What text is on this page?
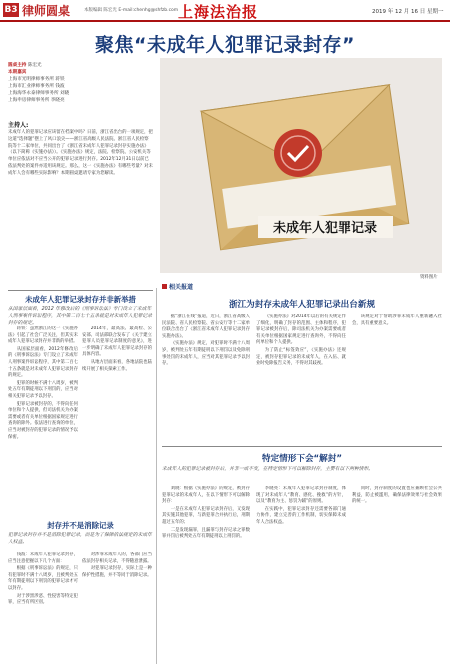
B3 律师圆桌	本版编辑 陈宏光 E-mail:chenhg@shfzb.com 上海法治报	2019 年 12 月 16 日 星期一
聚焦“未成年人犯罪记录封存”
圆桌主持 陈宏光
本期嘉宾
上海市光明律师事务所 蒋铁
上海市汇业律师事务所 钱波
上海海华永泰律师事务所 刘晓
上海申房律师事务所 李晓亮
主持人:
未成年人的犯罪记录应该留在档案中吗？日前，浙江省出台的一项规定，把这道“选择题”摆上了风口浪尖——浙江省高级人民法院、浙江省人民检察院等十二家单位，共同出台了《浙江省未成年人犯罪记录封存实施办法》（以下简称《实施办法》）。《实施办法》规定，法院、检察院、公安机关等单位应依法对不应当公开的犯罪记录进行封存。2012年12月31日以前已依法判处的案件亦适用该规定。那么，这一《实施办法》有哪些考量？对未成年人会有哪些实际影响？本期圆桌邀请专家为您解读。
未成年人犯罪记录
资料图片
未成年人犯罪记录封存并非新举措
从国家层面看，2012 年修改后的《刑事诉讼法》专门设立了未成年人刑事案件诉讼程序，其中第二百七十五条就是对未成年人犯罪记录封存的规定。

蒋铁：虽然浙江的这一《实施办法》引起了社会广泛关注，但其实未成年人犯罪记录封存并非新的举措。

从国家层面看，2012年修改后的《刑事诉讼法》专门设立了未成年人刑事案件诉讼程序，其中第二百七十五条就是对未成年人犯罪记录封存的规定。

犯罪的时候不满十八周岁，被判处五年有期徒刑以下刑罚的，应当对相关犯罪记录予以封存。

犯罪记录被封存的，不得向任何单位和个人提供，但司法机关为办案需要或者有关单位根据国家规定进行查询的除外。依法进行查询的单位，应当对被封存的犯罪记录的情况予以保密。

2014年，最高法、最高检、公安部、司法部联合发布了《关于建立犯罪人员犯罪记录制度的意见》，进一步明确了未成年人犯罪记录封存的具体内容。

从地方层面来看，各地法院也陆续开展了相关探索工作。

封存并不是消除记录
犯罪记录封存并不是消除犯罪记录，而是为了保障依法规定的未成年人权益。

钱波：未成年人犯罪记录封存，应当注意把握以下几个方面：

根据《刑事诉讼法》的规定，只有犯罪时不满十八周岁，且被判处五年有期徒刑以下刑罚的犯罪记录才可以封存。

对于涉黑涉恶、性侵害等特定犯罪，应当有所区别。

对涉罪未成年人的，各部门应当依法封存相关记录，不得随意泄露。

对犯罪记录封存，实际上是一种保护性措施，并不等同于消除记录。

相关报道
浙江为封存未成年人犯罪记录出台新规

据“浙江在线”报道，近日，浙江省高级人民法院、省人民检察院、省公安厅等十二家单位联合出台了《浙江省未成年人犯罪记录封存实施办法》。

《实施办法》规定，对犯罪时不满十八周岁，被判处五年有期徒刑以下刑罚以及免除刑事处罚的未成年人，应当对其犯罪记录予以封存。

《实施办法》对2014年以后的有关规定作了细化，明确了封存的范围、主体和程序，犯罪记录被封存后，除司法机关为办案需要或者有关单位根据国家规定进行查询外，不得向任何单位和个人提供。

为了防止“标签效应”，《实施办法》还规定，被封存犯罪记录的未成年人，在入伍、就业时免除报告义务，不得对其歧视。

该规定对于帮助涉罪未成年人重新融入社会，具有重要意义。

特定情形下会“解封”
未成年人的犯罪记录被封存后，并非一成不变，在特定情形下可以解除封存，主要有以下两种情形。

刘晓：根据《实施办法》的规定，被封存犯罪记录的未成年人，在以下情形下可以解除封存：

一是在未成年人犯罪记录封存后，又发现其实施其他犯罪，与新犯罪合并执行后，刑期超过五年的；

二是发现漏罪，且漏罪与封存记录之罪数罪并罚后被判处五年有期徒刑以上刑罚的。

李晓亮：未成年人犯罪记录封存制度，体现了对未成年人“教育、感化、挽救”的方针，以及“教育为主、惩罚为辅”的原则。

在实践中，犯罪记录封存还需要各部门通力协作，建立完善的工作机制，切实保障未成年人合法权益。

同时，封存制度的设置也应兼顾社会公共利益，防止被滥用，确保法律效果与社会效果的统一。
